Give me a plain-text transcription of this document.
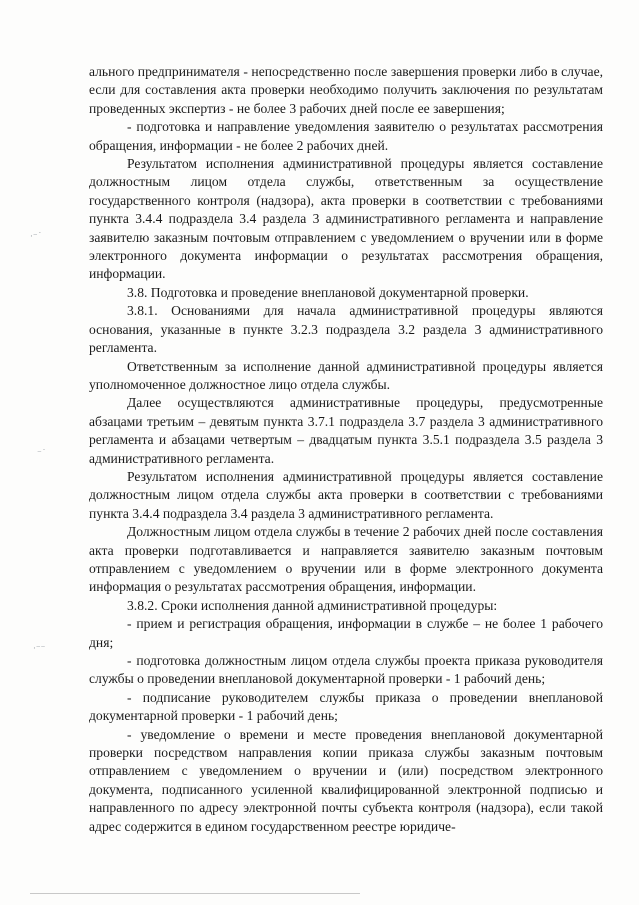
·⁻˙
⁻˙
·⁻⁻

ального предпринимателя - непосредственно после завершения проверки либо в случае, если для составления акта проверки необходимо получить заключения по результатам проведенных экспертиз - не более 3 рабочих дней после ее завершения;

- подготовка и направление уведомления заявителю о результатах рассмотрения обращения, информации - не более 2 рабочих дней.

Результатом исполнения административной процедуры является составление должностным лицом отдела службы, ответственным за осуществление государственного контроля (надзора), акта проверки в соответствии с требованиями пункта 3.4.4 подраздела 3.4 раздела 3 административного регламента и направление заявителю заказным почтовым отправлением с уведомлением о вручении или в форме электронного документа информации о результатах рассмотрения обращения, информации.

3.8. Подготовка и проведение внеплановой документарной проверки.

3.8.1. Основаниями для начала административной процедуры являются основания, указанные в пункте 3.2.3 подраздела 3.2 раздела 3 административного регламента.

Ответственным за исполнение данной административной процедуры является уполномоченное должностное лицо отдела службы.

Далее осуществляются административные процедуры, предусмотренные абзацами третьим – девятым пункта 3.7.1 подраздела 3.7 раздела 3 административного регламента и абзацами четвертым – двадцатым пункта 3.5.1 подраздела 3.5 раздела 3 административного регламента.

Результатом исполнения административной процедуры является составление должностным лицом отдела службы акта проверки в соответствии с требованиями пункта 3.4.4 подраздела 3.4 раздела 3 административного регламента.

Должностным лицом отдела службы в течение 2 рабочих дней после составления акта проверки подготавливается и направляется заявителю заказным почтовым отправлением с уведомлением о вручении или в форме электронного документа информация о результатах рассмотрения обращения, информации.

3.8.2. Сроки исполнения данной административной процедуры:

- прием и регистрация обращения, информации в службе – не более 1 рабочего дня;

- подготовка должностным лицом отдела службы проекта приказа руководителя службы о проведении внеплановой документарной проверки - 1 рабочий день;

- подписание руководителем службы приказа о проведении внеплановой документарной проверки - 1 рабочий день;

- уведомление о времени и месте проведения внеплановой документарной проверки посредством направления копии приказа службы заказным почтовым отправлением с уведомлением о вручении и (или) посредством электронного документа, подписанного усиленной квалифицированной электронной подписью и направленного по адресу электронной почты субъекта контроля (надзора), если такой адрес содержится в едином государственном реестре юридиче-
